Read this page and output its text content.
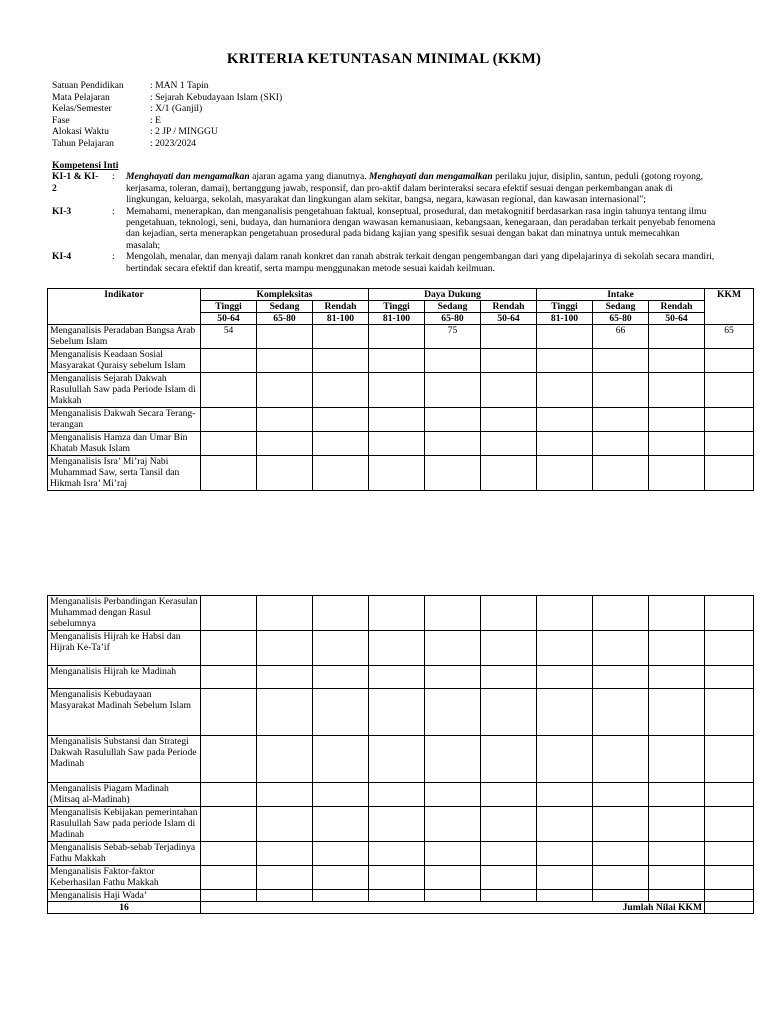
KRITERIA KETUNTASAN MINIMAL (KKM)
Satuan Pendidikan	: MAN 1 Tapin
Mata Pelajaran	: Sejarah Kebudayaan Islam (SKI)
Kelas/Semester	: X/1 (Ganjil)
Fase	: E
Alokasi Waktu	: 2 JP / MINGGU
Tahun Pelajaran	: 2023/2024
Kompetensi Inti
KI-1 & KI-
2
:	Menghayati dan mengamalkan ajaran agama yang dianutnya. Menghayati dan mengamalkan perilaku jujur, disiplin, santun, peduli (gotong royong, kerjasama, toleran, damai), bertanggung jawab, responsif, dan pro-aktif dalam berinteraksi secara efektif sesuai dengan perkembangan anak di lingkungan, keluarga, sekolah, masyarakat dan lingkungan alam sekitar, bangsa, negara, kawasan regional, dan kawasan internasional";
KI-3	:	Memahami, menerapkan, dan menganalisis pengetahuan faktual, konseptual, prosedural, dan metakognitif berdasarkan rasa ingin tahunya tentang ilmu pengetahuan, teknologi, seni, budaya, dan humaniora dengan wawasan kemanusiaan, kebangsaan, kenegaraan, dan peradaban terkait penyebab fenomena dan kejadian, serta menerapkan pengetahuan prosedural pada bidang kajian yang spesifik sesuai dengan bakat dan minatnya untuk memecahkan masalah;
KI-4	:	Mengolah, menalar, dan menyaji dalam ranah konkret dan ranah abstrak terkait dengan pengembangan dari yang dipelajarinya di sekolah secara mandiri, bertindak secara efektif dan kreatif, serta mampu menggunakan metode sesuai kaidah keilmuan.
Indikator	Kompleksitas			Daya Dukung			Intake			KKM
	Tinggi	Sedang	Rendah	Tinggi	Sedang	Rendah	Tinggi	Sedang	Rendah	
	50-64	65-80	81-100	81-100	65-80	50-64	81-100	65-80	50-64	
Menganalisis Peradaban Bangsa Arab Sebelum Islam	54				75			66		65
Menganalisis Keadaan Sosial Masyarakat Quraisy sebelum Islam										
Menganalisis Sejarah Dakwah Rasulullah Saw pada Periode Islam di Makkah										
Menganalisis Dakwah Secara Terang-terangan										
Menganalisis Hamza dan Umar Bin Khatab Masuk Islam										
Menganalisis Isra’ Mi’raj Nabi Muhammad Saw, serta Tansil dan Hikmah Isra’ Mi’raj										
Menganalisis Perbandingan Kerasulan Muhammad dengan Rasul sebelumnya										
Menganalisis Hijrah ke Habsi dan Hijrah Ke-Ta’if										
Menganalisis Hijrah ke Madinah										
Menganalisis Kebudayaan Masyarakat Madinah Sebelum Islam										
Menganalisis Substansi dan Strategi Dakwah Rasulullah Saw pada Periode Madinah										
Menganalisis Piagam Madinah (Mitsaq al-Madinah)										
Menganalisis Kebijakan pemerintahan Rasulullah Saw pada periode Islam di Madinah										
Menganalisis Sebab-sebab Terjadinya Fathu Makkah										
Menganalisis Faktor-faktor Keberhasilan Fathu Makkah										
Menganalisis Haji Wada’										
16	Jumlah Nilai KKM									
